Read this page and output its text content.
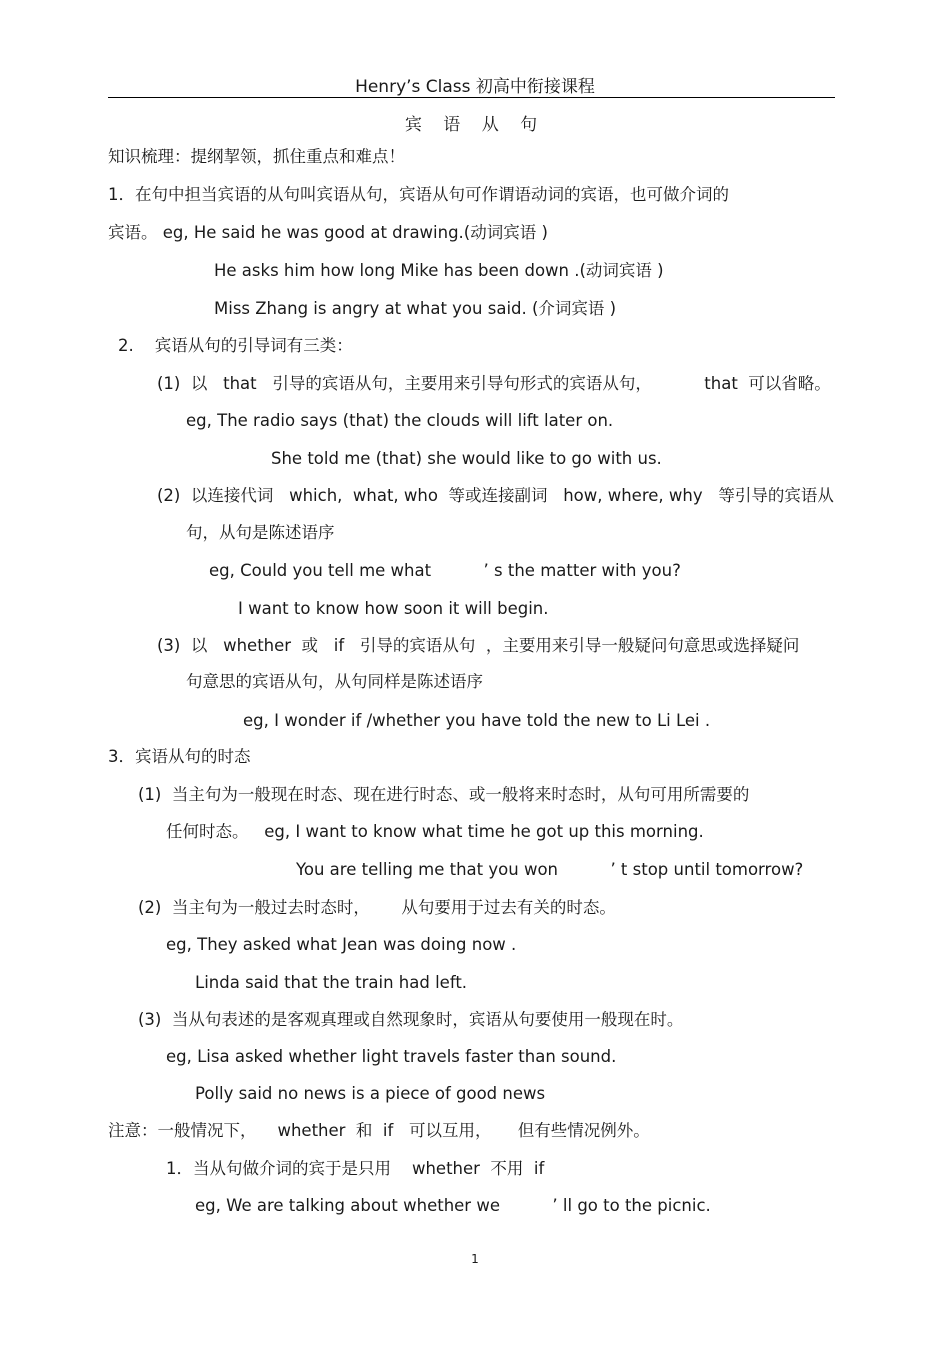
Henry’s Class 初高中衔接课程
宾 语 从 句
知识梳理：提纲挈领，抓住重点和难点！
1．在句中担当宾语的从句叫宾语从句，宾语从句可作谓语动词的宾语，也可做介词的
宾语。 eg, He said he was good at drawing.(动词宾语 )
He asks him how long Mike has been down .(动词宾语 )
Miss Zhang is angry at what you said. (介词宾语 )
2.    宾语从句的引导词有三类：
(1)  以   that   引导的宾语从句，主要用来引导句形式的宾语从句，          that  可以省略。
eg, The radio says (that) the clouds will lift later on.
She told me (that) she would like to go with us.
(2)  以连接代词   which,  what, who  等或连接副词   how, where, why   等引导的宾语从
句，从句是陈述语序
eg, Could you tell me what          ’ s the matter with you?
I want to know how soon it will begin.
(3)  以   whether  或   if   引导的宾语从句  ，主要用来引导一般疑问句意思或选择疑问
句意思的宾语从句，从句同样是陈述语序
eg, I wonder if /whether you have told the new to Li Lei .
3．宾语从句的时态
(1)  当主句为一般现在时态、现在进行时态、或一般将来时态时，从句可用所需要的
任何时态。   eg, I want to know what time he got up this morning.
You are telling me that you won          ’ t stop until tomorrow?
(2)  当主句为一般过去时态时，      从句要用于过去有关的时态。
eg, They asked what Jean was doing now .
Linda said that the train had left.
(3)  当从句表述的是客观真理或自然现象时，宾语从句要使用一般现在时。
eg, Lisa asked whether light travels faster than sound.
Polly said no news is a piece of good news
注意：一般情况下，    whether  和  if   可以互用，     但有些情况例外。
1．当从句做介词的宾于是只用    whether  不用  if
eg, We are talking about whether we          ’ ll go to the picnic.
1
